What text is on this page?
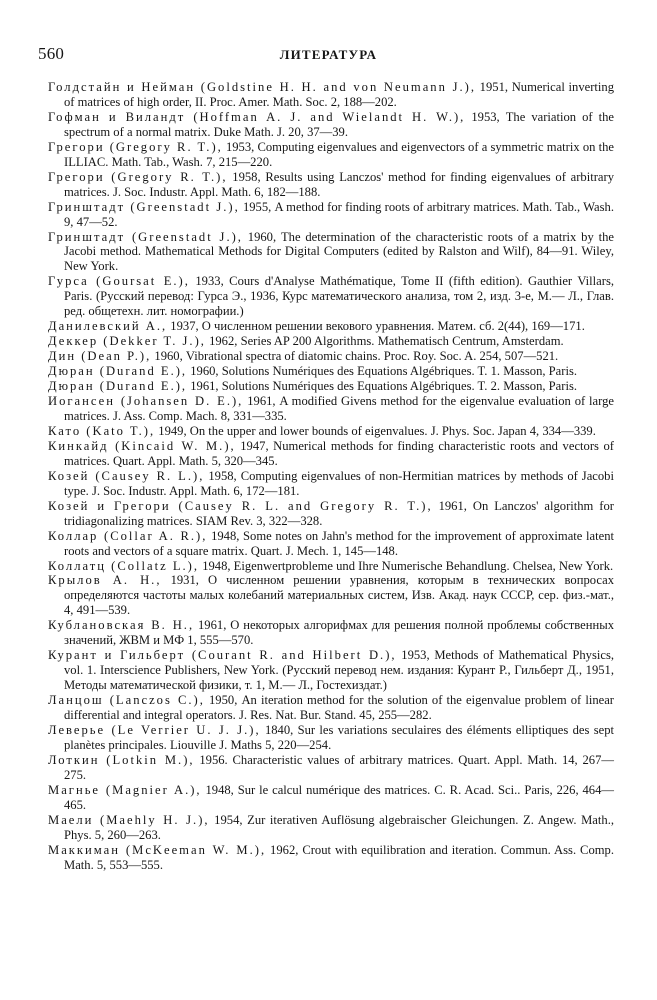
560	ЛИТЕРАТУРА
Голдстайн и Нейман (Goldstine H. H. and von Neumann J.), 1951, Numerical inverting of matrices of high order, II. Proc. Amer. Math. Soc. 2, 188—202.
Гофман и Виландт (Hoffman A. J. and Wielandt H. W.), 1953, The variation of the spectrum of a normal matrix. Duke Math. J. 20, 37—39.
Грегори (Gregory R. T.), 1953, Computing eigenvalues and eigenvectors of a symmetric matrix on the ILLIAC. Math. Tab., Wash. 7, 215—220.
Грегори (Gregory R. T.), 1958, Results using Lanczos' method for finding eigenvalues of arbitrary matrices. J. Soc. Industr. Appl. Math. 6, 182—188.
Гринштадт (Greenstadt J.), 1955, A method for finding roots of arbitrary matrices. Math. Tab., Wash. 9, 47—52.
Гринштадт (Greenstadt J.), 1960, The determination of the characteristic roots of a matrix by the Jacobi method. Mathematical Methods for Digital Computers (edited by Ralston and Wilf), 84—91. Wiley, New York.
Гурса (Goursat E.), 1933, Cours d'Analyse Mathématique, Tome II (fifth edition). Gauthier Villars, Paris. (Русский перевод: Гурса Э., 1936, Курс математического анализа, том 2, изд. 3-е, М.— Л., Глав. ред. общетехн. лит. номографии.)
Данилевский А., 1937, О численном решении векового уравнения. Матем. сб. 2(44), 169—171.
Деккер (Dekker T. J.), 1962, Series AP 200 Algorithms. Mathematisch Centrum, Amsterdam.
Дин (Dean P.), 1960, Vibrational spectra of diatomic chains. Proc. Roy. Soc. A. 254, 507—521.
Дюран (Durand E.), 1960, Solutions Numériques des Equations Algébriques. T. 1. Masson, Paris.
Дюран (Durand E.), 1961, Solutions Numériques des Equations Algébriques. T. 2. Masson, Paris.
Иогансен (Johansen D. E.), 1961, A modified Givens method for the eigenvalue evaluation of large matrices. J. Ass. Comp. Mach. 8, 331—335.
Като (Kato T.), 1949, On the upper and lower bounds of eigenvalues. J. Phys. Soc. Japan 4, 334—339.
Кинкайд (Kincaid W. M.), 1947, Numerical methods for finding characteristic roots and vectors of matrices. Quart. Appl. Math. 5, 320—345.
Козей (Causey R. L.), 1958, Computing eigenvalues of non-Hermitian matrices by methods of Jacobi type. J. Soc. Industr. Appl. Math. 6, 172—181.
Козей и Грегори (Causey R. L. and Gregory R. T.), 1961, On Lanczos' algorithm for tridiagonalizing matrices. SIAM Rev. 3, 322—328.
Коллар (Collar A. R.), 1948, Some notes on Jahn's method for the improvement of approximate latent roots and vectors of a square matrix. Quart. J. Mech. 1, 145—148.
Коллатц (Collatz L.), 1948, Eigenwertprobleme und Ihre Numerische Behandlung. Chelsea, New York.
Крылов А. Н., 1931, О численном решении уравнения, которым в технических вопросах определяются частоты малых колебаний материальных систем, Изв. Акад. наук СССР, сер. физ.-мат., 4, 491—539.
Кублановская В. Н., 1961, О некоторых алгорифмах для решения полной проблемы собственных значений, ЖВМ и МФ 1, 555—570.
Курант и Гильберт (Courant R. and Hilbert D.), 1953, Methods of Mathematical Physics, vol. 1. Interscience Publishers, New York. (Русский перевод нем. издания: Курант Р., Гильберт Д., 1951, Методы математической физики, т. 1, М.— Л., Гостехиздат.)
Ланцош (Lanczos C.), 1950, An iteration method for the solution of the eigenvalue problem of linear differential and integral operators. J. Res. Nat. Bur. Stand. 45, 255—282.
Леверье (Le Verrier U. J. J.), 1840, Sur les variations seculaires des éléments elliptiques des sept planètes principales. Liouville J. Maths 5, 220—254.
Лоткин (Lotkin M.), 1956. Characteristic values of arbitrary matrices. Quart. Appl. Math. 14, 267—275.
Магнье (Magnier A.), 1948, Sur le calcul numérique des matrices. C. R. Acad. Sci.. Paris, 226, 464—465.
Маели (Maehly H. J.), 1954, Zur iterativen Auflösung algebraischer Gleichungen. Z. Angew. Math., Phys. 5, 260—263.
Маккиман (McKeeman W. M.), 1962, Crout with equilibration and iteration. Commun. Ass. Comp. Math. 5, 553—555.
